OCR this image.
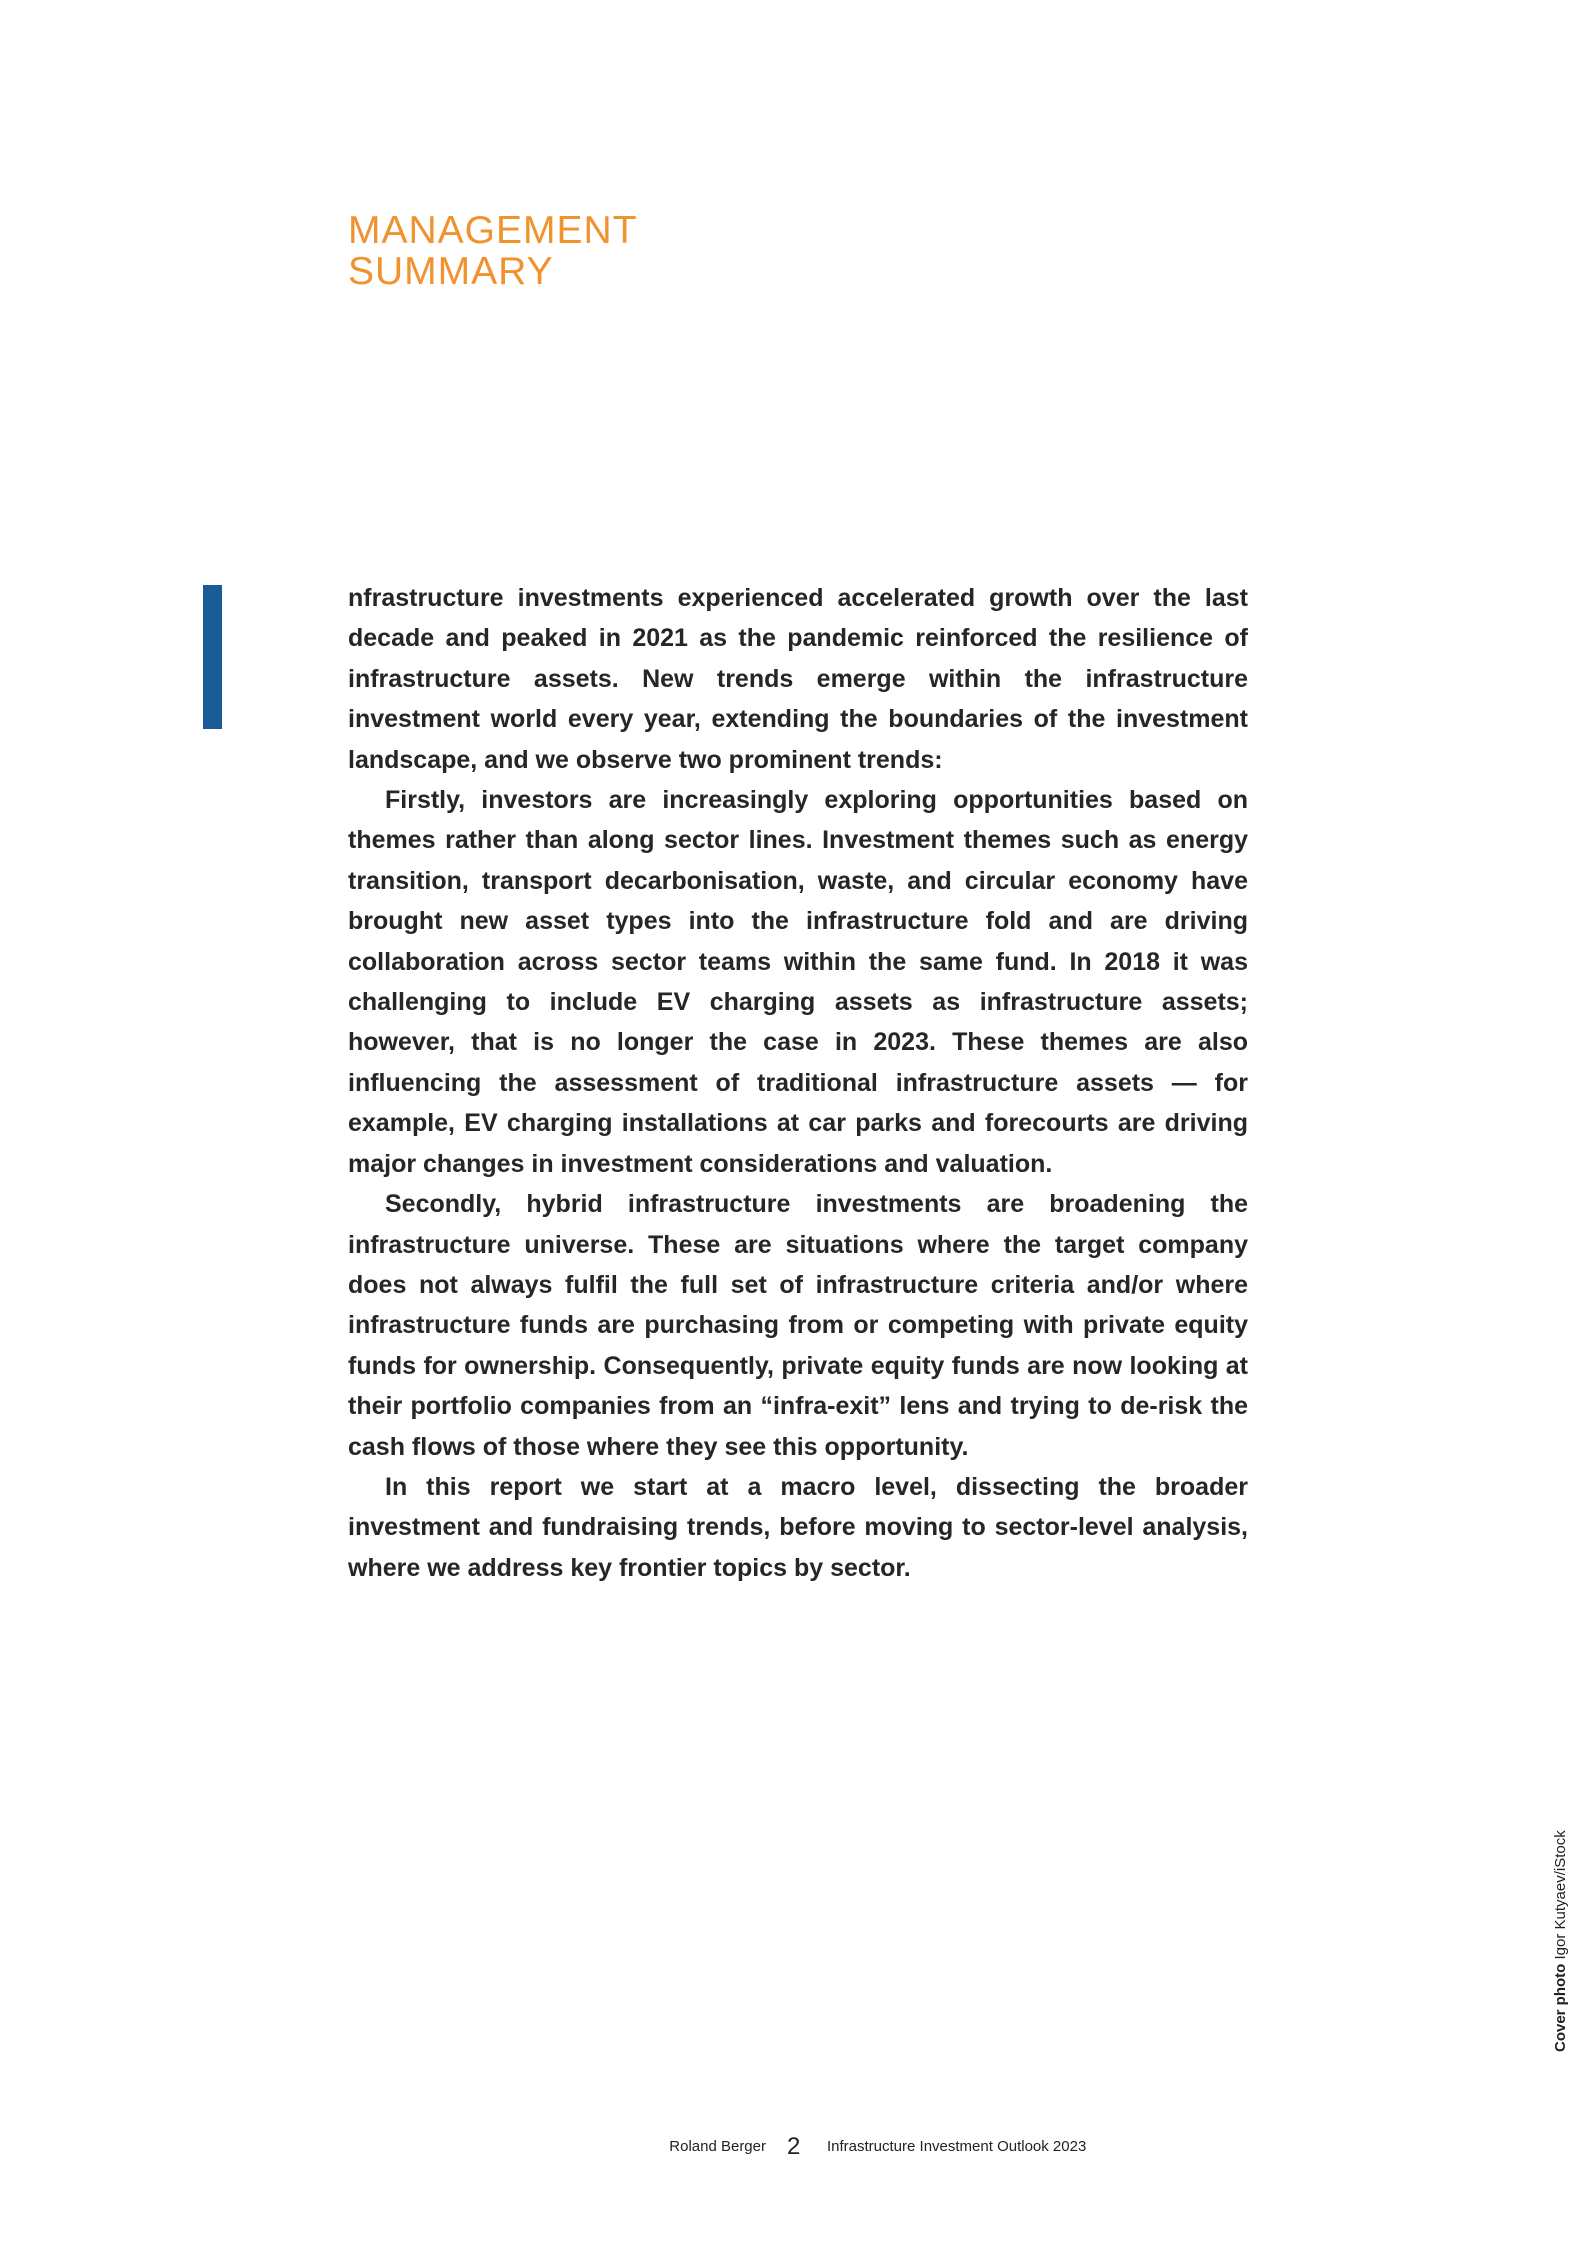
MANAGEMENT
SUMMARY

nfrastructure investments experienced accelerated growth over the last decade and peaked in 2021 as the pandemic reinforced the resilience of infrastructure assets. New trends emerge within the infrastructure investment world every year, extending the boundaries of the investment landscape, and we observe two prominent trends:

Firstly, investors are increasingly exploring opportunities based on themes rather than along sector lines. Investment themes such as energy transition, transport decarbonisation, waste, and circular economy have brought new asset types into the infrastructure fold and are driving collaboration across sector teams within the same fund. In 2018 it was challenging to include EV charging assets as infrastructure assets; however, that is no longer the case in 2023. These themes are also influencing the assessment of traditional infrastructure assets — for example, EV charging installations at car parks and forecourts are driving major changes in investment considerations and valuation.

Secondly, hybrid infrastructure investments are broadening the infrastructure universe. These are situations where the target company does not always fulfil the full set of infrastructure criteria and/or where infrastructure funds are purchasing from or competing with private equity funds for ownership. Consequently, private equity funds are now looking at their portfolio companies from an “infra-exit” lens and trying to de-risk the cash flows of those where they see this opportunity.

In this report we start at a macro level, dissecting the broader investment and fundraising trends, before moving to sector-level analysis, where we address key frontier topics by sector.

Cover photo Igor Kutyaev/iStock
Roland Berger 2 Infrastructure Investment Outlook 2023
